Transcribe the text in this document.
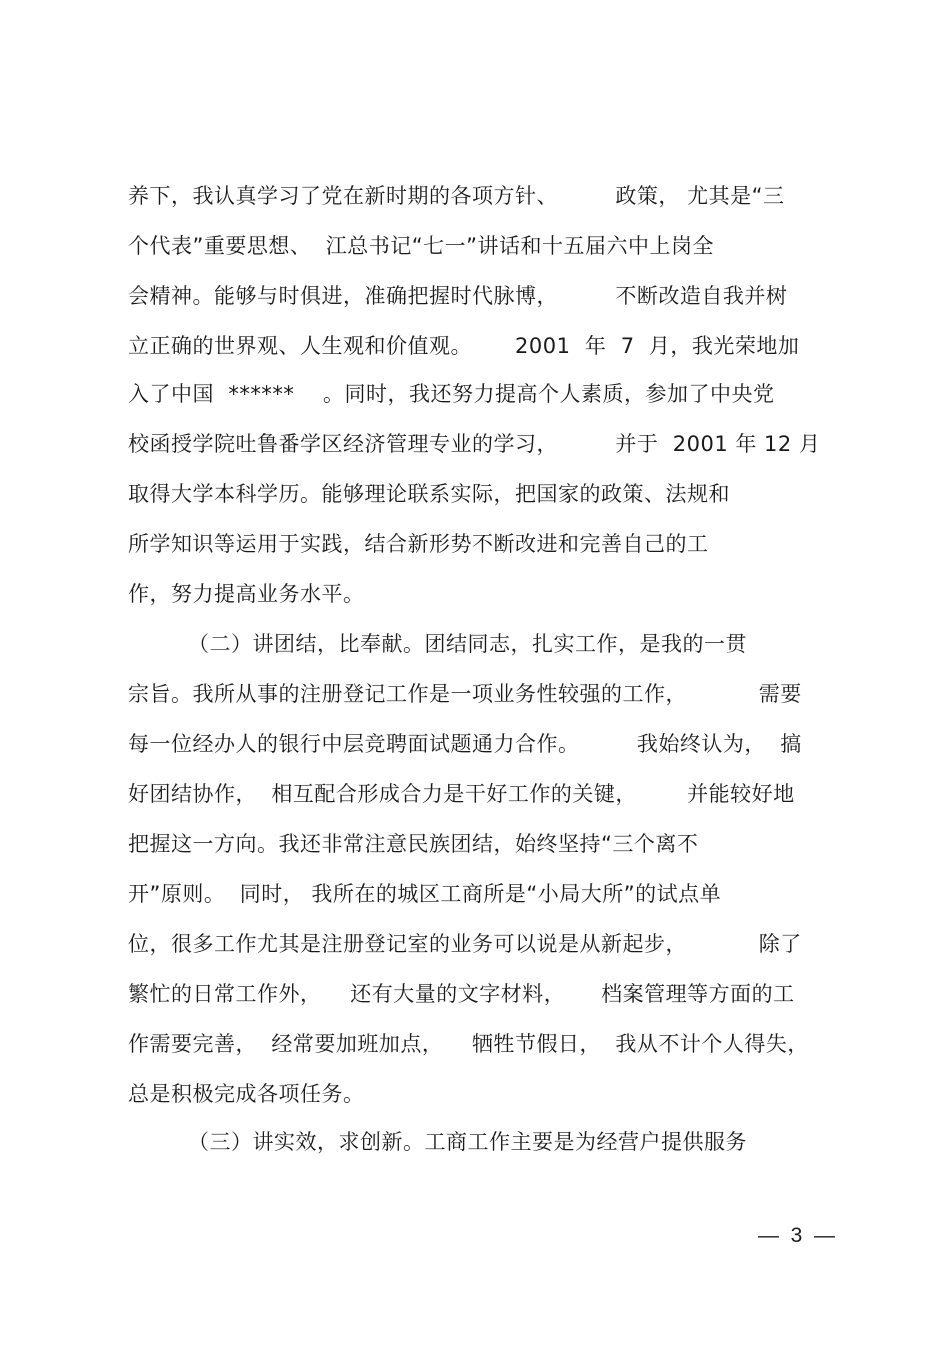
养下，我认真学习了党在新时期的各项方针、        政策， 尤其是“三
个代表”重要思想、  江总书记“七一”讲话和十五届六中上岗全
会精神。能够与时俱进，准确把握时代脉博，        不断改造自我并树
立正确的世界观、人生观和价值观。      2001  年  7  月，我光荣地加
入了中国  ******    。同时，我还努力提高个人素质，参加了中央党
校函授学院吐鲁番学区经济管理专业的学习，        并于  2001 年 12 月
取得大学本科学历。能够理论联系实际，把国家的政策、法规和
所学知识等运用于实践，结合新形势不断改进和完善自己的工
作，努力提高业务水平。
（二）讲团结，比奉献。团结同志，扎实工作，是我的一贯
宗旨。我所从事的注册登记工作是一项业务性较强的工作，          需要
每一位经办人的银行中层竞聘面试题通力合作。        我始终认为，  搞
好团结协作，  相互配合形成合力是干好工作的关键，       并能较好地
把握这一方向。我还非常注意民族团结，始终坚持“三个离不
开”原则。  同时， 我所在的城区工商所是“小局大所”的试点单
位，很多工作尤其是注册登记室的业务可以说是从新起步，          除了
繁忙的日常工作外，    还有大量的文字材料，     档案管理等方面的工
作需要完善，  经常要加班加点，    牺牲节假日，  我从不计个人得失，
总是积极完成各项任务。
（三）讲实效，求创新。工商工作主要是为经营户提供服务
—  3  —
